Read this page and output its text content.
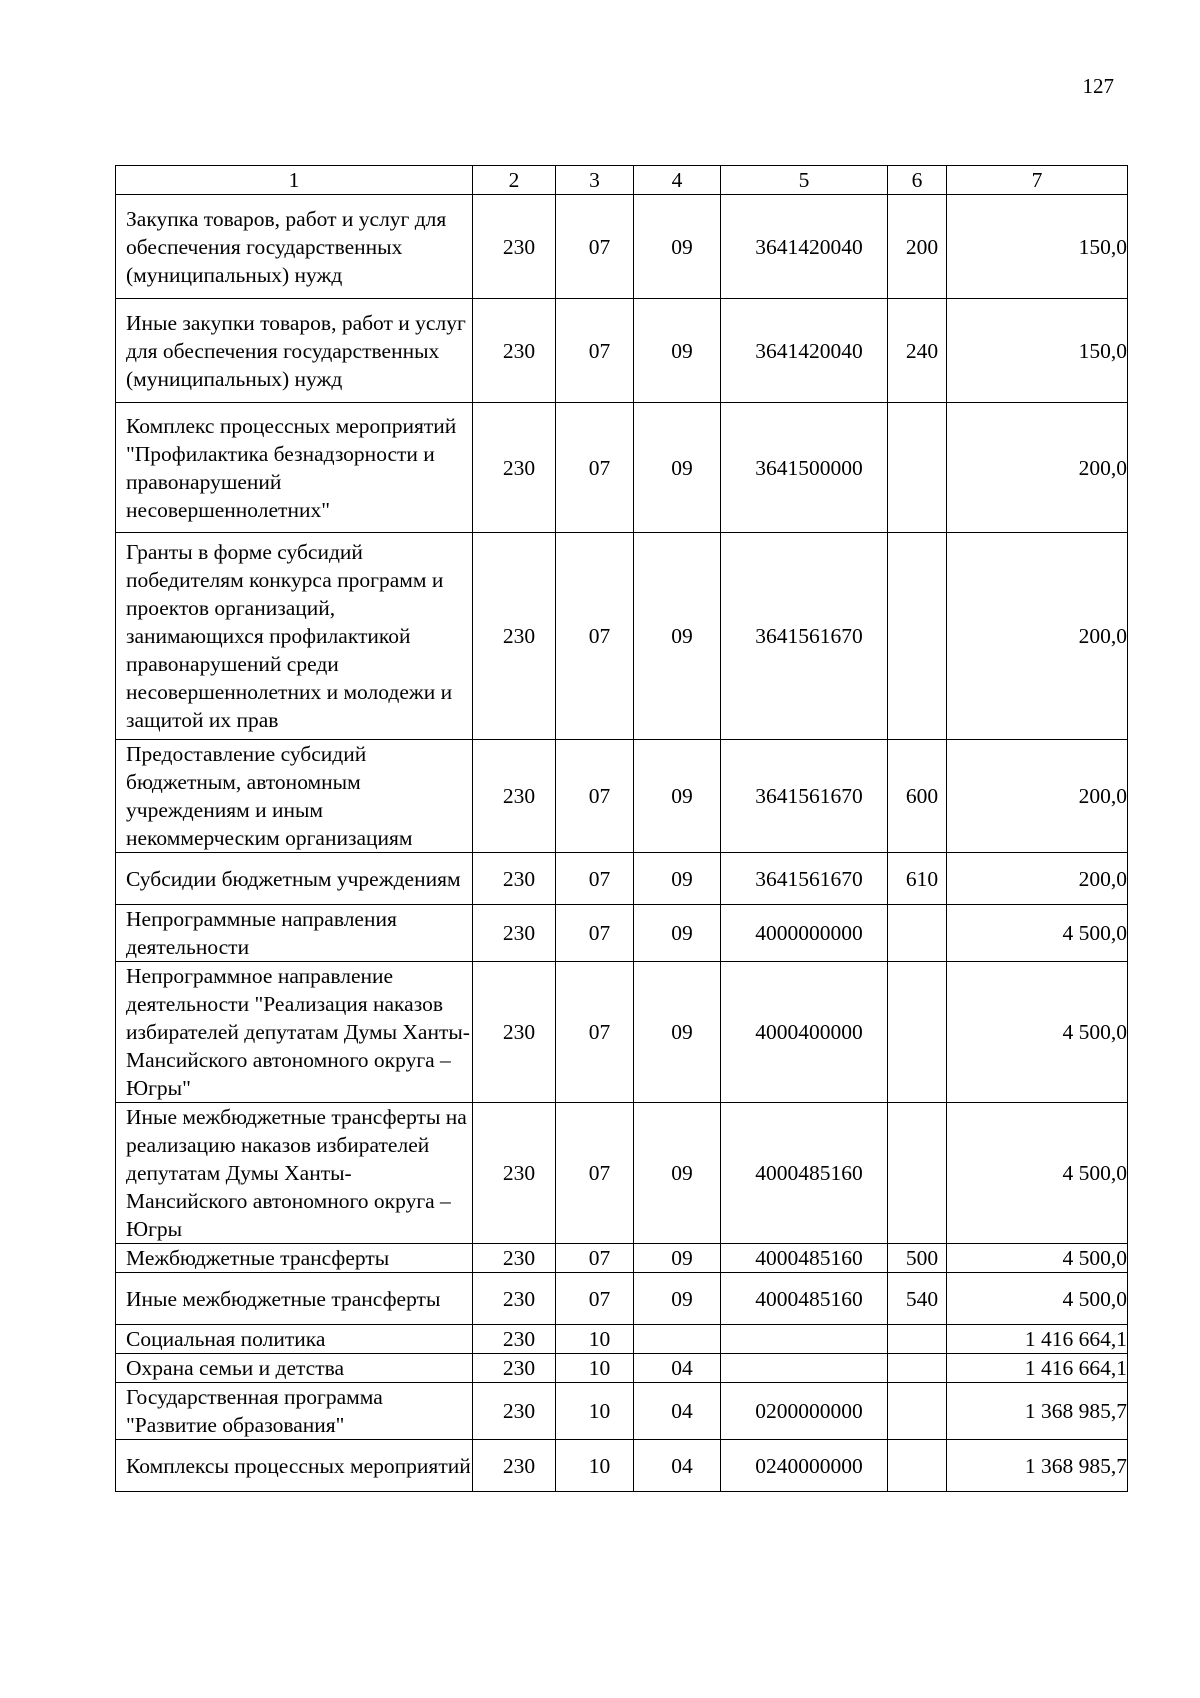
127
1	2	3	4	5	6	7
Закупка товаров, работ и услуг для обеспечения государственных (муниципальных) нужд	230	07	09	3641420040	200	150,0
Иные закупки товаров, работ и услуг для обеспечения государственных (муниципальных) нужд	230	07	09	3641420040	240	150,0
Комплекс процессных мероприятий "Профилактика безнадзорности и правонарушений несовершеннолетних"	230	07	09	3641500000		200,0
Гранты в форме субсидий победителям конкурса программ и проектов организаций, занимающихся профилактикой правонарушений среди несовершеннолетних и молодежи и защитой их прав	230	07	09	3641561670		200,0
Предоставление субсидий бюджетным, автономным учреждениям и иным некоммерческим организациям	230	07	09	3641561670	600	200,0
Субсидии бюджетным учреждениям	230	07	09	3641561670	610	200,0
Непрограммные направления деятельности	230	07	09	4000000000		4 500,0
Непрограммное направление деятельности "Реализация наказов избирателей депутатам Думы Ханты-Мансийского автономного округа – Югры"	230	07	09	4000400000		4 500,0
Иные межбюджетные трансферты на реализацию наказов избирателей депутатам Думы Ханты-Мансийского автономного округа – Югры	230	07	09	4000485160		4 500,0
Межбюджетные трансферты	230	07	09	4000485160	500	4 500,0
Иные межбюджетные трансферты	230	07	09	4000485160	540	4 500,0
Социальная политика	230	10				1 416 664,1
Охрана семьи и детства	230	10	04			1 416 664,1
Государственная программа "Развитие образования"	230	10	04	0200000000		1 368 985,7
Комплексы процессных мероприятий	230	10	04	0240000000		1 368 985,7
